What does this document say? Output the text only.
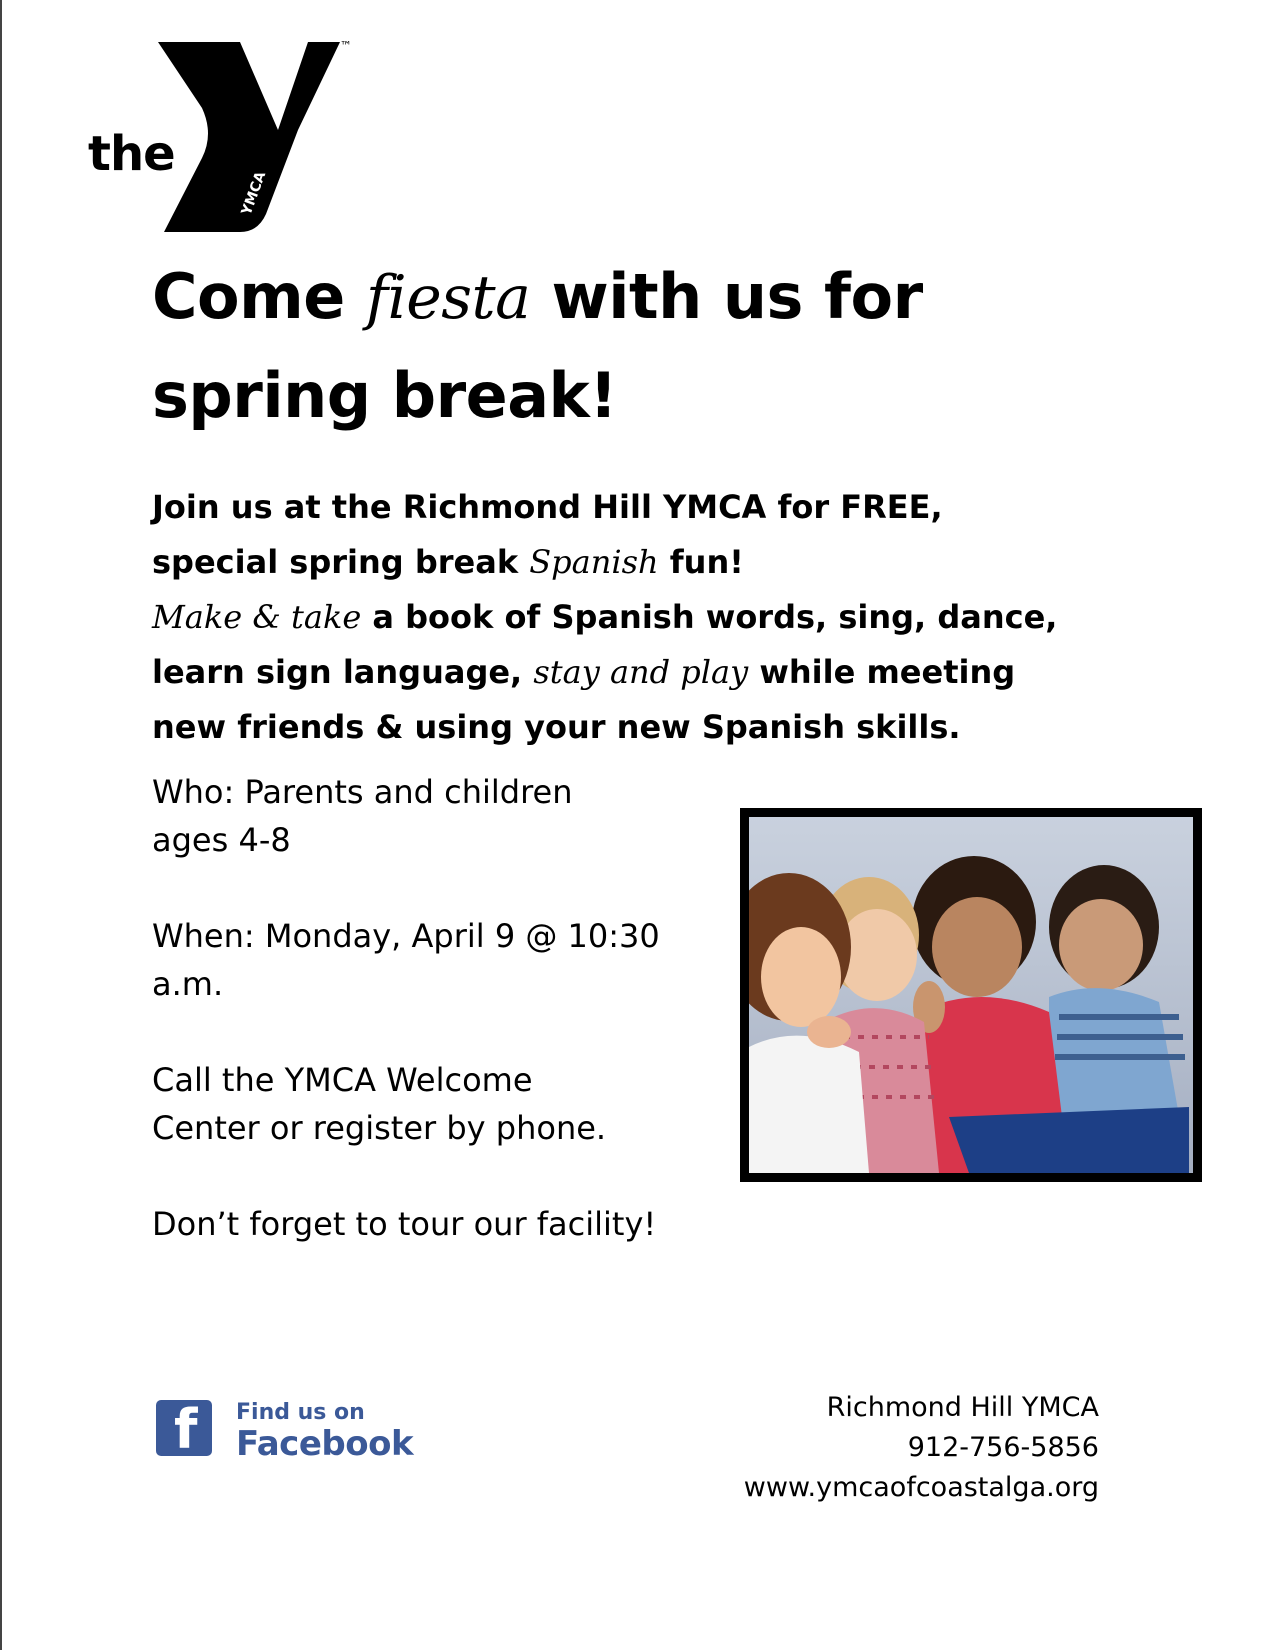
the
™
YMCA
Come fiesta with us for
spring break!
Join us at the Richmond Hill YMCA for FREE,
special spring break Spanish fun!
Make & take a book of Spanish words, sing, dance,
learn sign language, stay and play while meeting
new friends & using your new Spanish skills.
Who: Parents and children
ages 4-8
When: Monday, April 9 @ 10:30
a.m.
Call the YMCA Welcome
Center or register by phone.
Don’t forget to tour our facility!
f Find us on
Facebook
Richmond Hill YMCA
912-756-5856
www.ymcaofcoastalga.org
